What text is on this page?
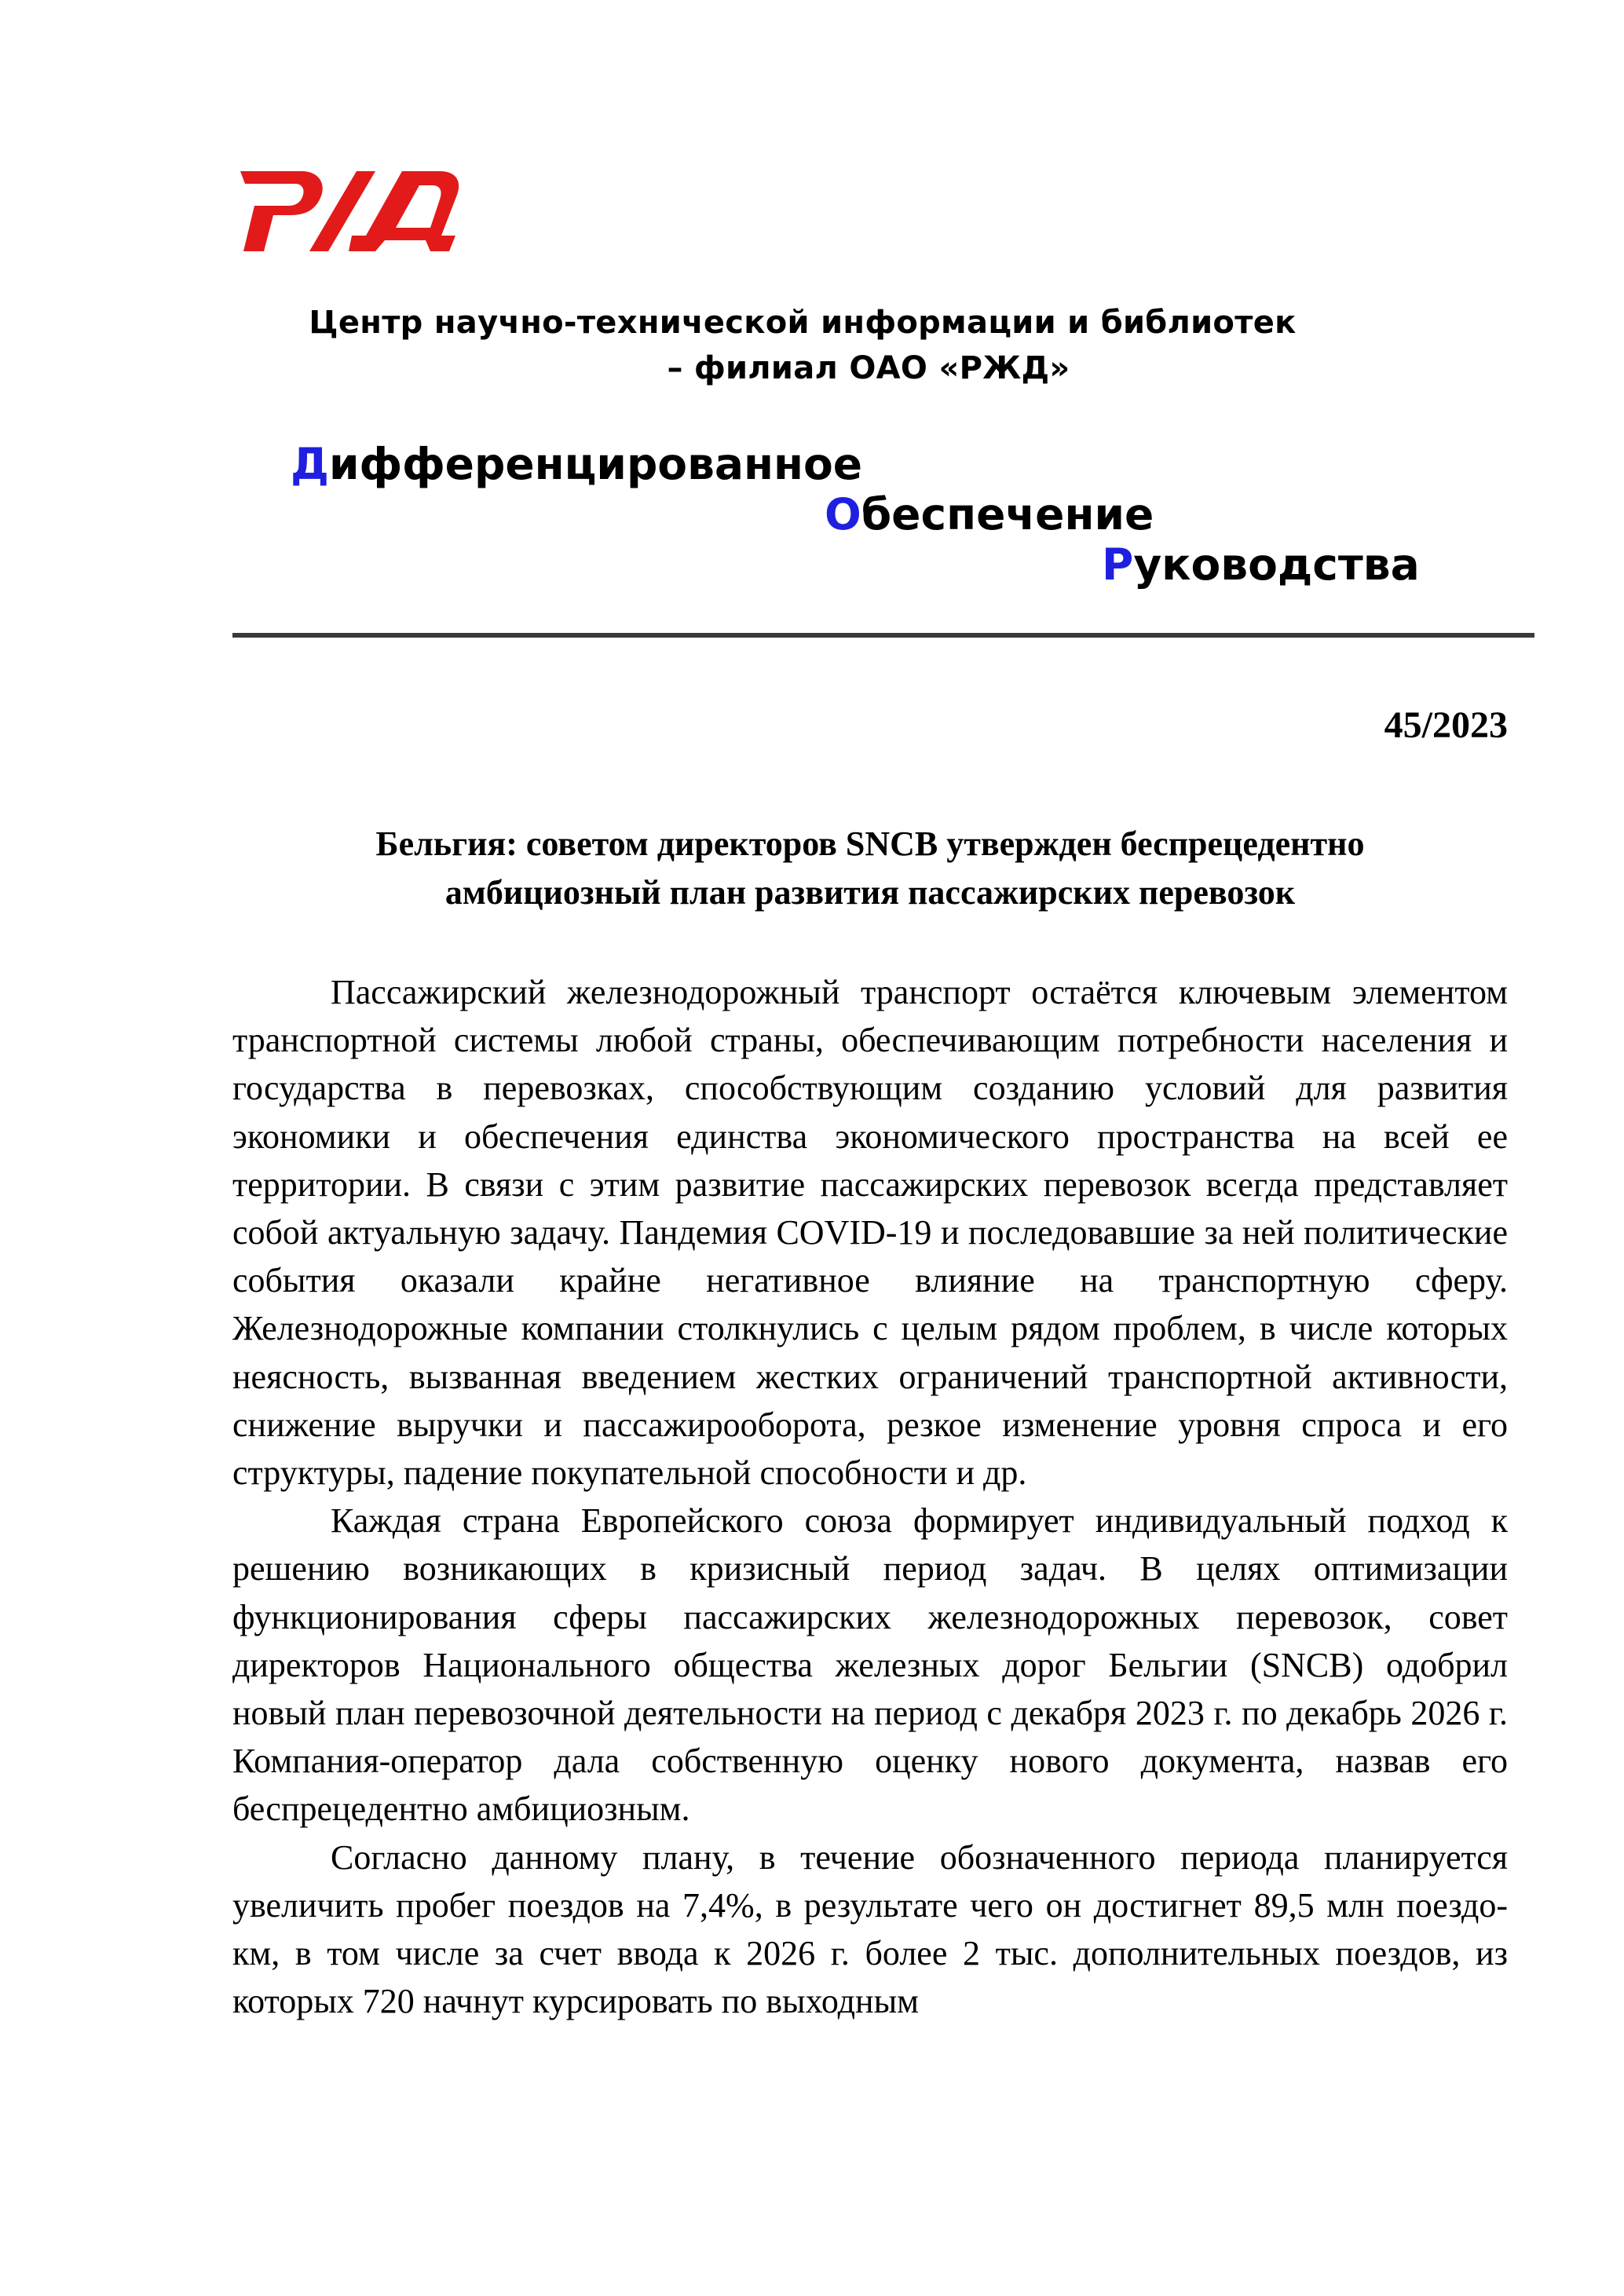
Центр научно-технической информации и библиотек
– филиал ОАО «РЖД»
Дифференцированное
Обеспечение
Руководства
45/2023
Бельгия: советом директоров SNCB утвержден беспрецедентно
амбициозный план развития пассажирских перевозок

Пассажирский железнодорожный транспорт остаётся ключевым элементом транспортной системы любой страны, обеспечивающим потребности населения и государства в перевозках, способствующим созданию условий для развития экономики и обеспечения единства экономического пространства на всей ее территории. В связи с этим развитие пассажирских перевозок всегда представляет собой актуальную задачу. Пандемия COVID-19 и последовавшие за ней политические события оказали крайне негативное влияние на транспортную сферу. Железнодорожные компании столкнулись с целым рядом проблем, в числе которых неясность, вызванная введением жестких ограничений транспортной активности, снижение выручки и пассажирооборота, резкое изменение уровня спроса и его структуры, падение покупательной способности и др.

Каждая страна Европейского союза формирует индивидуальный подход к решению возникающих в кризисный период задач. В целях оптимизации функционирования сферы пассажирских железнодорожных перевозок, совет директоров Национального общества железных дорог Бельгии (SNCB) одобрил новый план перевозочной деятельности на период с декабря 2023 г. по декабрь 2026 г. Компания-оператор дала собственную оценку нового документа, назвав его беспрецедентно амбициозным.

Согласно данному плану, в течение обозначенного периода планируется увеличить пробег поездов на 7,4%, в результате чего он достигнет 89,5 млн поездо-км, в том числе за счет ввода к 2026 г. более 2 тыс. дополнительных поездов, из которых 720 начнут курсировать по выходным
